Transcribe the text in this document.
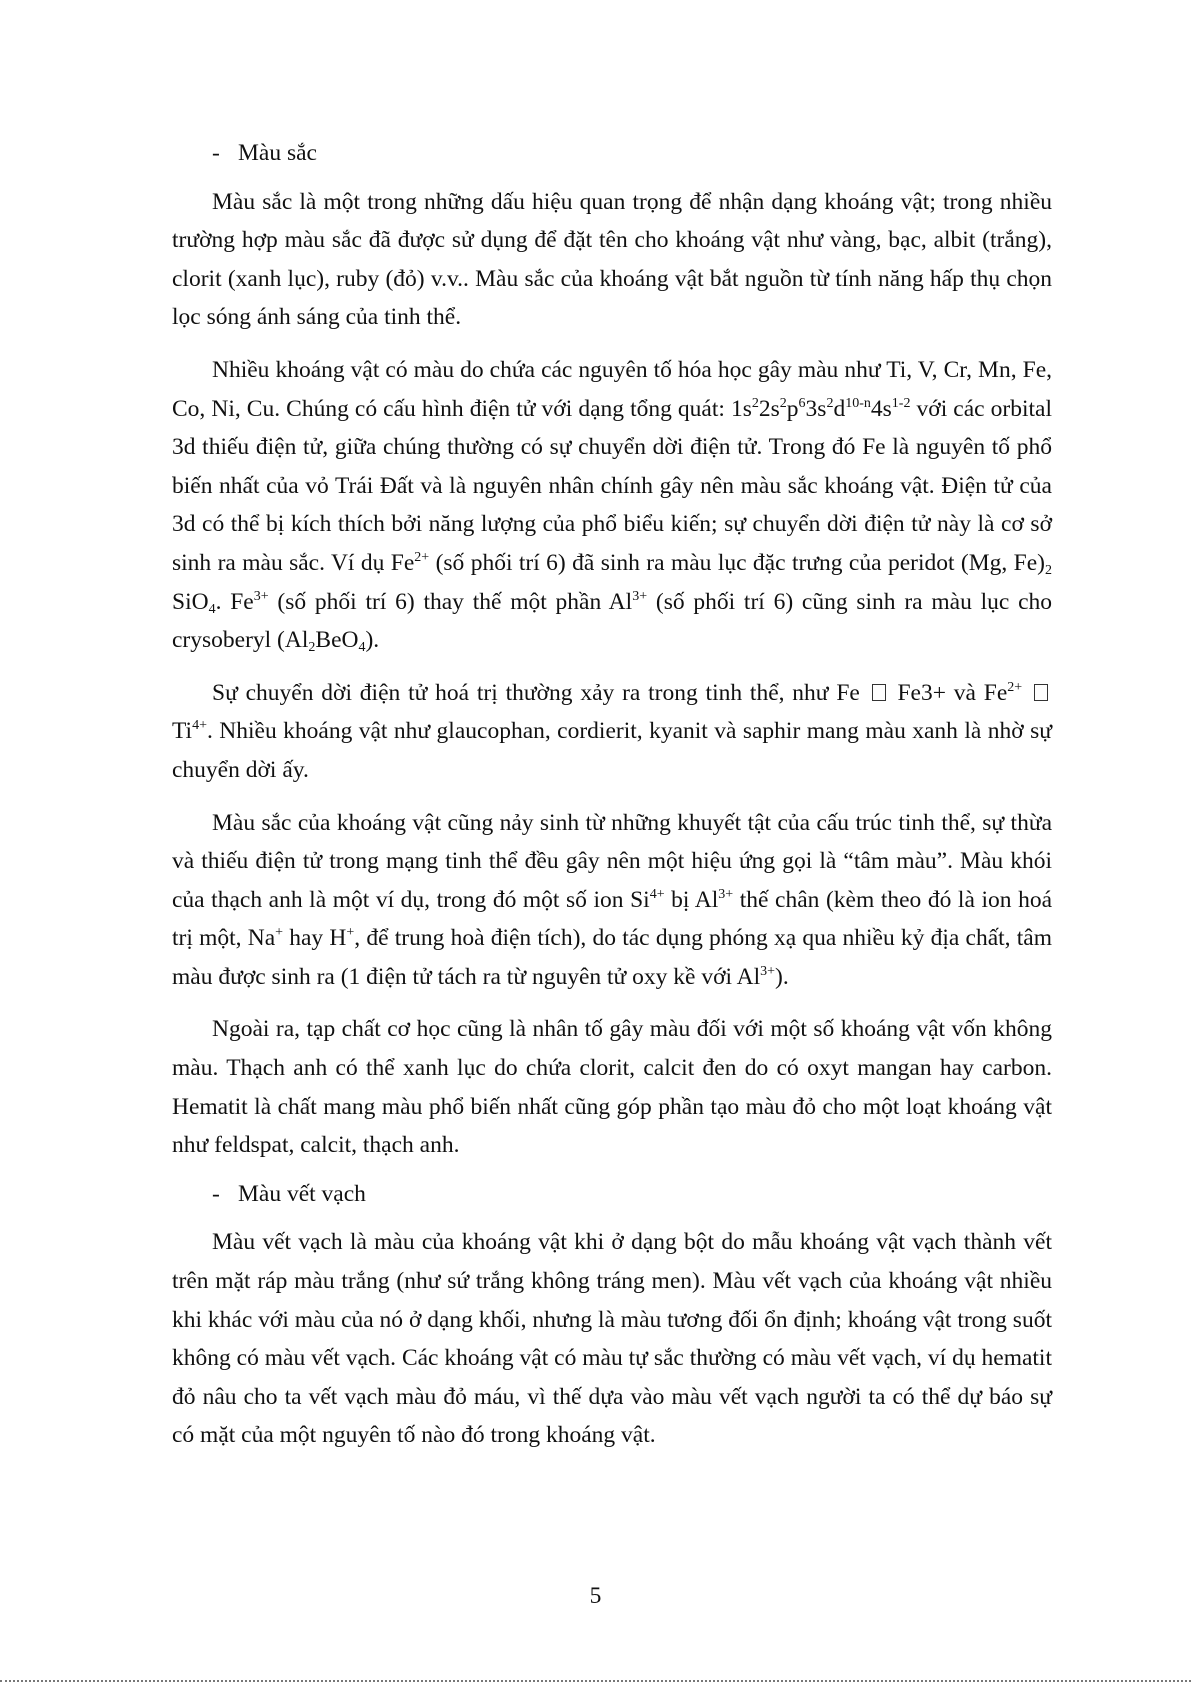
- Màu sắc

Màu sắc là một trong những dấu hiệu quan trọng để nhận dạng khoáng vật; trong nhiều trường hợp màu sắc đã được sử dụng để đặt tên cho khoáng vật như vàng, bạc, albit (trắng), clorit (xanh lục), ruby (đỏ) v.v.. Màu sắc của khoáng vật bắt nguồn từ tính năng hấp thụ chọn lọc sóng ánh sáng của tinh thể.

Nhiều khoáng vật có màu do chứa các nguyên tố hóa học gây màu như Ti, V, Cr, Mn, Fe, Co, Ni, Cu. Chúng có cấu hình điện tử với dạng tổng quát: $1s^22s^2p^63s^2d^{10-n}4s^{1-2}$ với các orbital 3d thiếu điện tử, giữa chúng thường có sự chuyển dời điện tử. Trong đó Fe là nguyên tố phổ biến nhất của vỏ Trái Đất và là nguyên nhân chính gây nên màu sắc khoáng vật. Điện tử của 3d có thể bị kích thích bởi năng lượng của phổ biểu kiến; sự chuyển dời điện tử này là cơ sở sinh ra màu sắc. Ví dụ $Fe^{2+}$ (số phối trí 6) đã sinh ra màu lục đặc trưng của peridot (Mg, $Fe)_2$ SiO$_4$. $Fe^{3+}$ (số phối trí 6) thay thế một phần $Al^{3+}$ (số phối trí 6) cũng sinh ra màu lục cho crysoberyl $(Al_2BeO_4)$.

Sự chuyển dời điện tử hoá trị thường xảy ra trong tinh thể, như Fe  Fe3+ và $Fe^{2+}$  $Ti^{4+}$. Nhiều khoáng vật như glaucophan, cordierit, kyanit và saphir mang màu xanh là nhờ sự chuyển dời ấy.

Màu sắc của khoáng vật cũng nảy sinh từ những khuyết tật của cấu trúc tinh thể, sự thừa và thiếu điện tử trong mạng tinh thể đều gây nên một hiệu ứng gọi là “tâm màu”. Màu khói của thạch anh là một ví dụ, trong đó một số ion $Si^{4+}$ bị $Al^{3+}$ thế chân (kèm theo đó là ion hoá trị một, Na+ hay H+, để trung hoà điện tích), do tác dụng phóng xạ qua nhiều kỷ địa chất, tâm màu được sinh ra (1 điện tử tách ra từ nguyên tử oxy kề với $Al^{3+}$).

Ngoài ra, tạp chất cơ học cũng là nhân tố gây màu đối với một số khoáng vật vốn không màu. Thạch anh có thể xanh lục do chứa clorit, calcit đen do có oxyt mangan hay carbon. Hematit là chất mang màu phổ biến nhất cũng góp phần tạo màu đỏ cho một loạt khoáng vật như feldspat, calcit, thạch anh.

- Màu vết vạch

Màu vết vạch là màu của khoáng vật khi ở dạng bột do mẫu khoáng vật vạch thành vết trên mặt ráp màu trắng (như sứ trắng không tráng men). Màu vết vạch của khoáng vật nhiều khi khác với màu của nó ở dạng khối, nhưng là màu tương đối ổn định; khoáng vật trong suốt không có màu vết vạch. Các khoáng vật có màu tự sắc thường có màu vết vạch, ví dụ hematit đỏ nâu cho ta vết vạch màu đỏ máu, vì thế dựa vào màu vết vạch người ta có thể dự báo sự có mặt của một nguyên tố nào đó trong khoáng vật.

5
